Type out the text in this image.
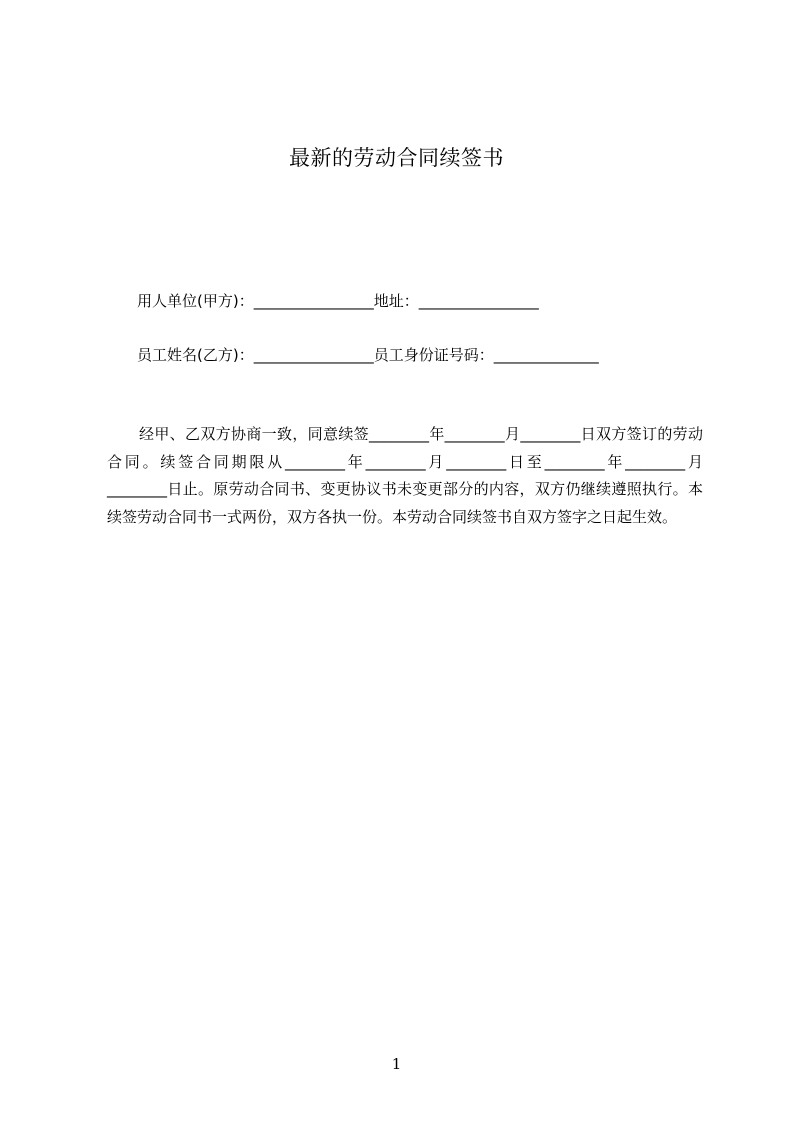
最新的劳动合同续签书

用人单位(甲方)：________________地址：________________

员工姓名(乙方)：________________员工身份证号码：______________

经甲、乙双方协商一致，同意续签________年________月________日双方签订的劳动合同。续签合同期限从________年________月________日至________年________月________日止。原劳动合同书、变更协议书未变更部分的内容，双方仍继续遵照执行。本续签劳动合同书一式两份，双方各执一份。本劳动合同续签书自双方签字之日起生效。

1
